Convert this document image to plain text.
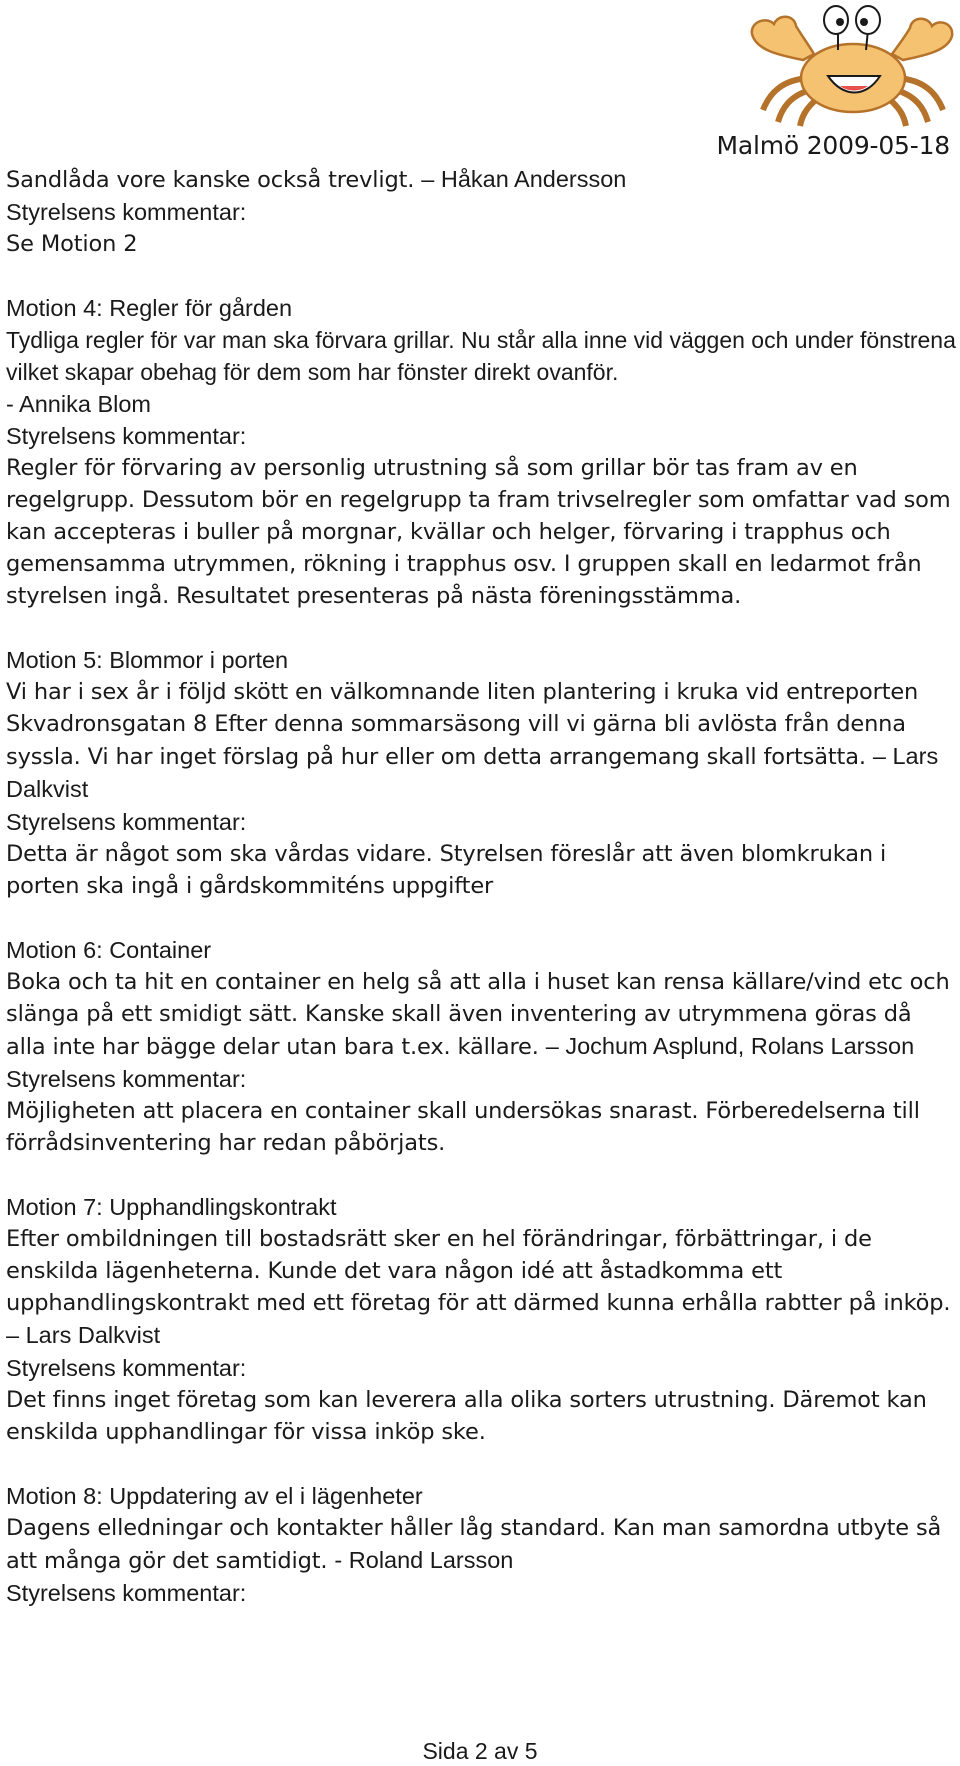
Malmö 2009-05-18

Sandlåda vore kanske också trevligt. – Håkan Andersson

Styrelsens kommentar:

Se Motion 2

Motion 4: Regler för gården

Tydliga regler för var man ska förvara grillar. Nu står alla inne vid väggen och under fönstrena vilket skapar obehag för dem som har fönster direkt ovanför.

- Annika Blom

Styrelsens kommentar:

Regler för förvaring av personlig utrustning så som grillar bör tas fram av en regelgrupp. Dessutom bör en regelgrupp ta fram trivselregler som omfattar vad som kan accepteras i buller på morgnar, kvällar och helger, förvaring i trapphus och gemensamma utrymmen, rökning i trapphus osv. I gruppen skall en ledarmot från styrelsen ingå. Resultatet presenteras på nästa föreningsstämma.

Motion 5: Blommor i porten

Vi har i sex år i följd skött en välkomnande liten plantering i kruka vid entreporten Skvadronsgatan 8 Efter denna sommarsäsong vill vi gärna bli avlösta från denna syssla. Vi har inget förslag på hur eller om detta arrangemang skall fortsätta. – Lars Dalkvist

Styrelsens kommentar:

Detta är något som ska vårdas vidare. Styrelsen föreslår att även blomkrukan i porten ska ingå i gårdskommiténs uppgifter

Motion 6: Container

Boka och ta hit en container en helg så att alla i huset kan rensa källare/vind etc och slänga på ett smidigt sätt. Kanske skall även inventering av utrymmena göras då alla inte har bägge delar utan bara t.ex. källare. – Jochum Asplund, Rolans Larsson

Styrelsens kommentar:

Möjligheten att placera en container skall undersökas snarast. Förberedelserna till förrådsinventering har redan påbörjats.

Motion 7: Upphandlingskontrakt

Efter ombildningen till bostadsrätt sker en hel förändringar, förbättringar, i de enskilda lägenheterna. Kunde det vara någon idé att åstadkomma ett upphandlingskontrakt med ett företag för att därmed kunna erhålla rabtter på inköp. – Lars Dalkvist

Styrelsens kommentar:

Det finns inget företag som kan leverera alla olika sorters utrustning. Däremot kan enskilda upphandlingar för vissa inköp ske.

Motion 8: Uppdatering av el i lägenheter

Dagens elledningar och kontakter håller låg standard. Kan man samordna utbyte så att många gör det samtidigt. - Roland Larsson

Styrelsens kommentar:

Sida 2 av 5
